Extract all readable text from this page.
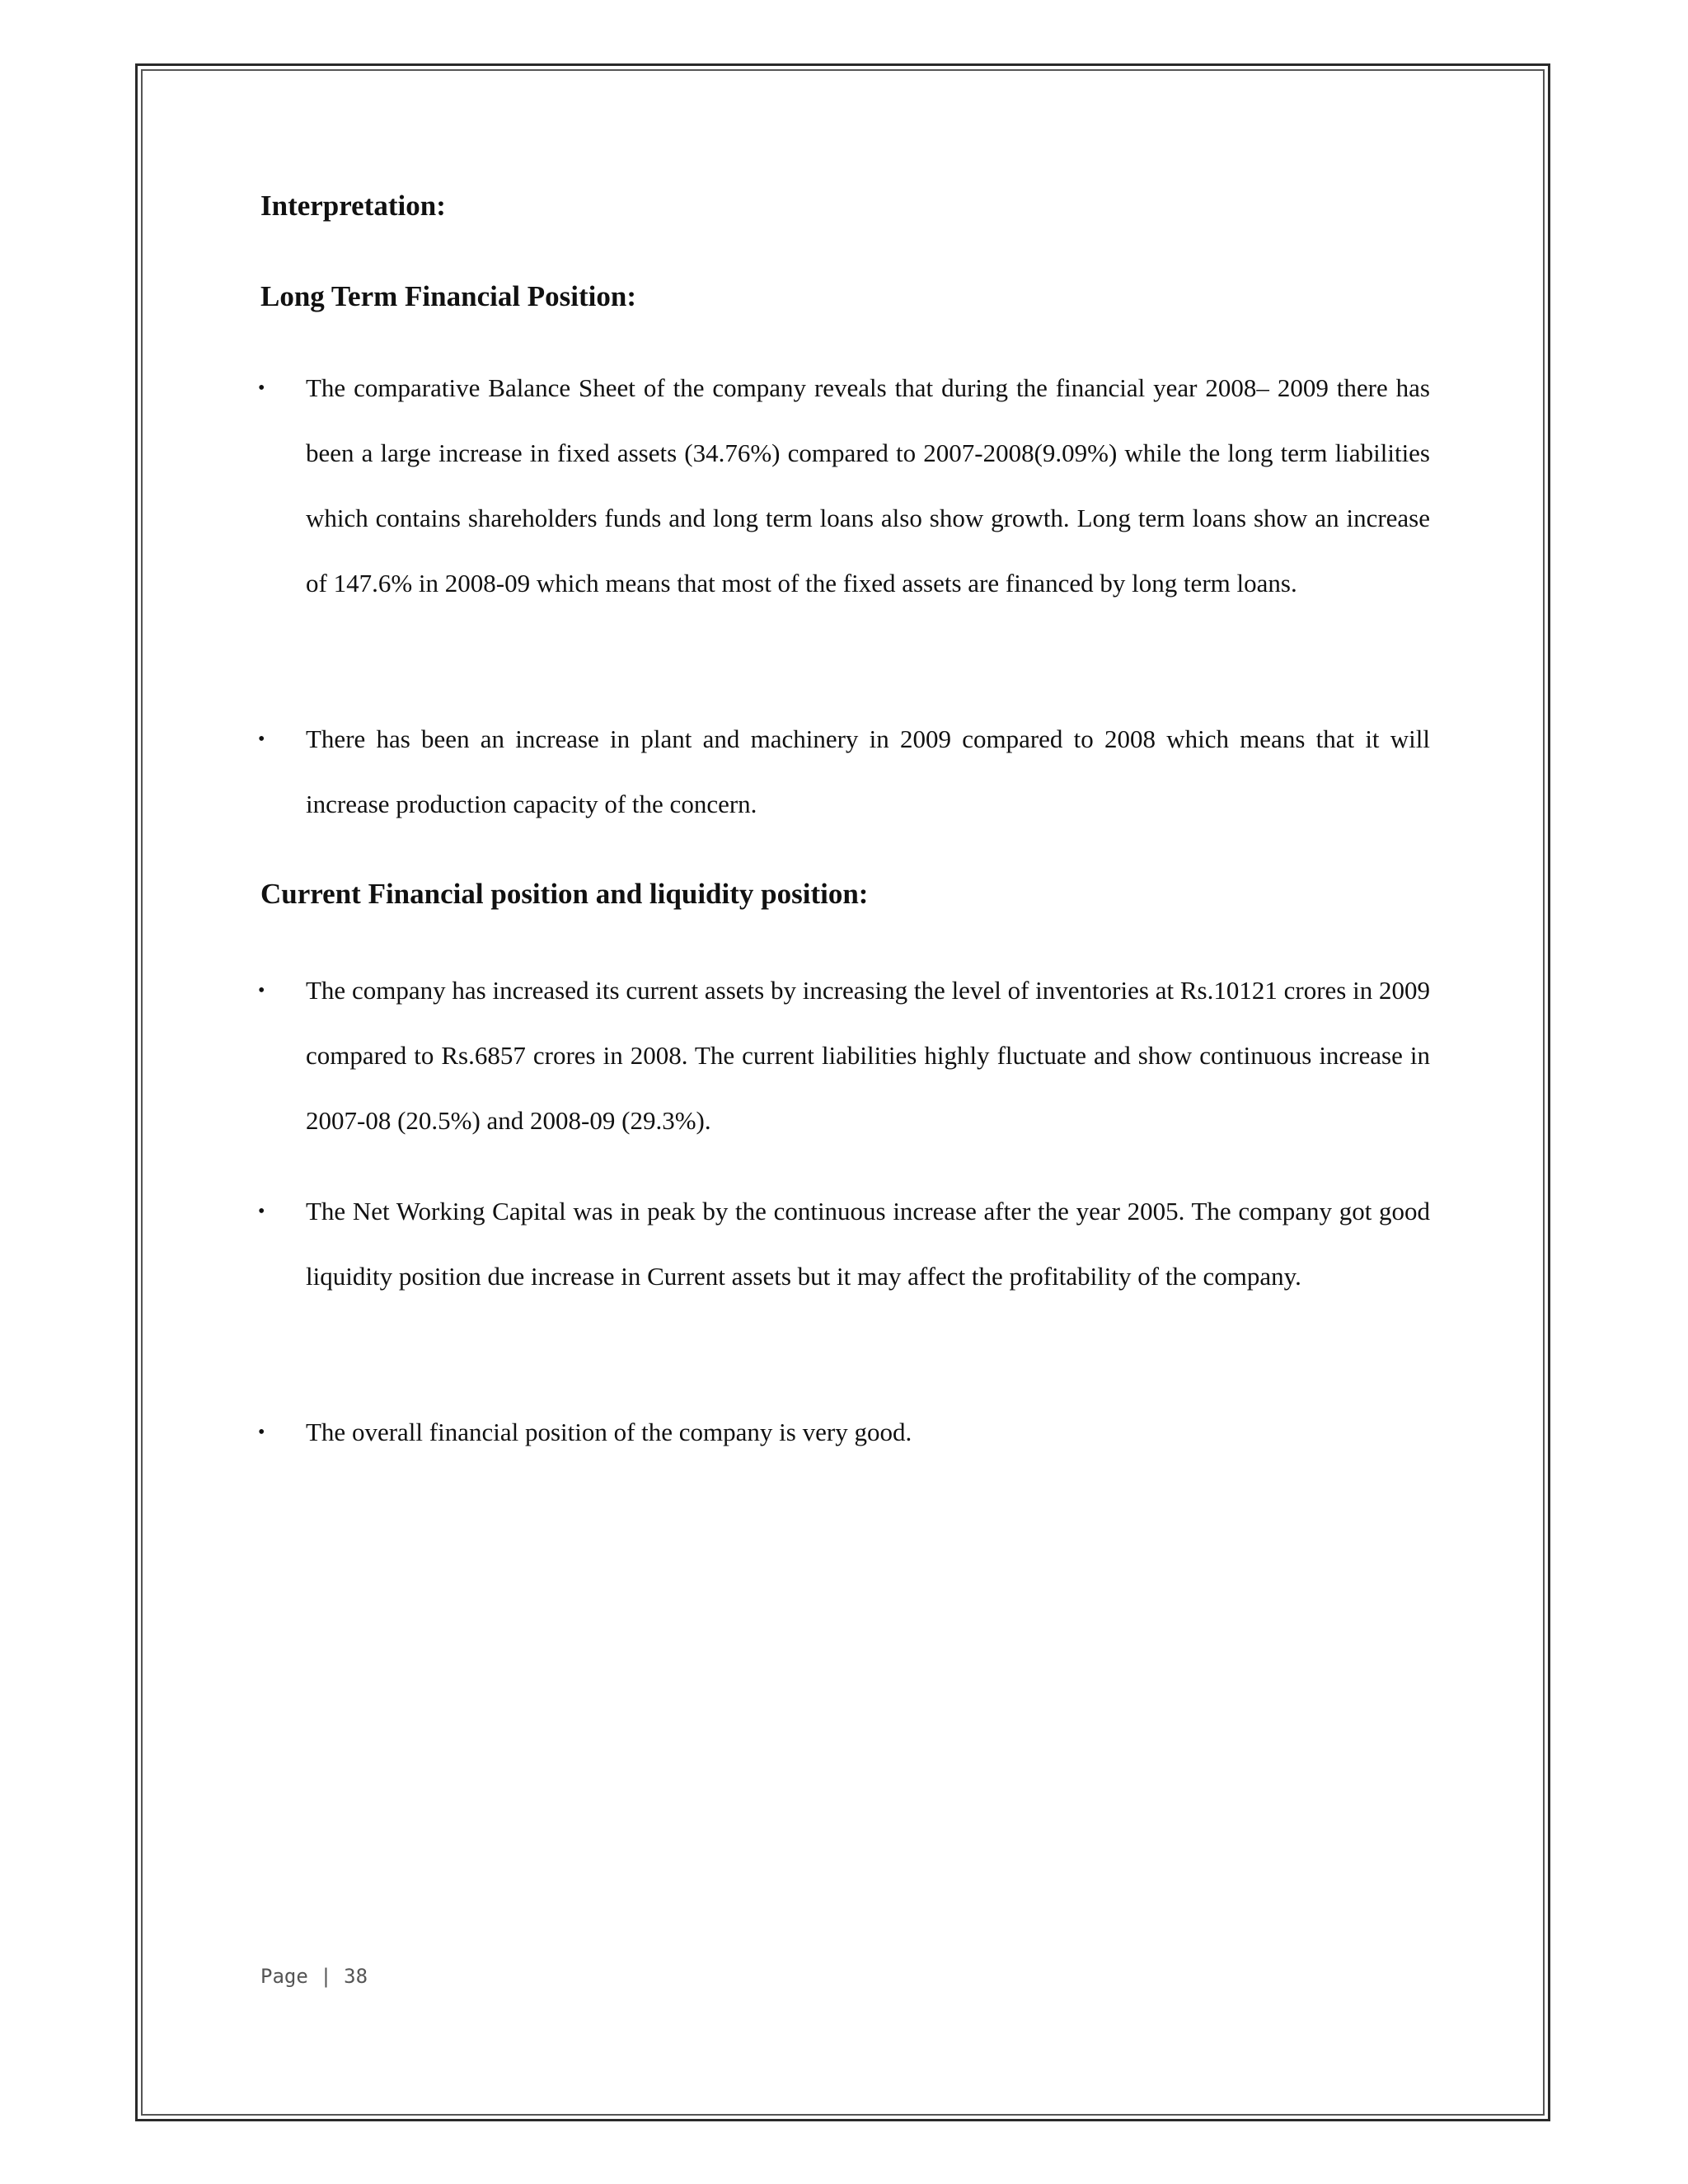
Interpretation:
Long Term Financial Position:
• The comparative Balance Sheet of the company reveals that during the financial year 2008– 2009 there has been a large increase in fixed assets (34.76%) compared to 2007-2008(9.09%) while the long term liabilities which contains shareholders funds and long term loans also show growth. Long term loans show an increase of 147.6% in 2008-09 which means that most of the fixed assets are financed by long term loans.
• There has been an increase in plant and machinery in 2009 compared to 2008 which means that it will increase production capacity of the concern.
Current Financial position and liquidity position:
• The company has increased its current assets by increasing the level of inventories at Rs.10121 crores in 2009 compared to Rs.6857 crores in 2008. The current liabilities highly fluctuate and show continuous increase in 2007-08 (20.5%) and 2008-09 (29.3%).
• The Net Working Capital was in peak by the continuous increase after the year 2005. The company got good liquidity position due increase in Current assets but it may affect the profitability of the company.
• The overall financial position of the company is very good.
Page | 38
